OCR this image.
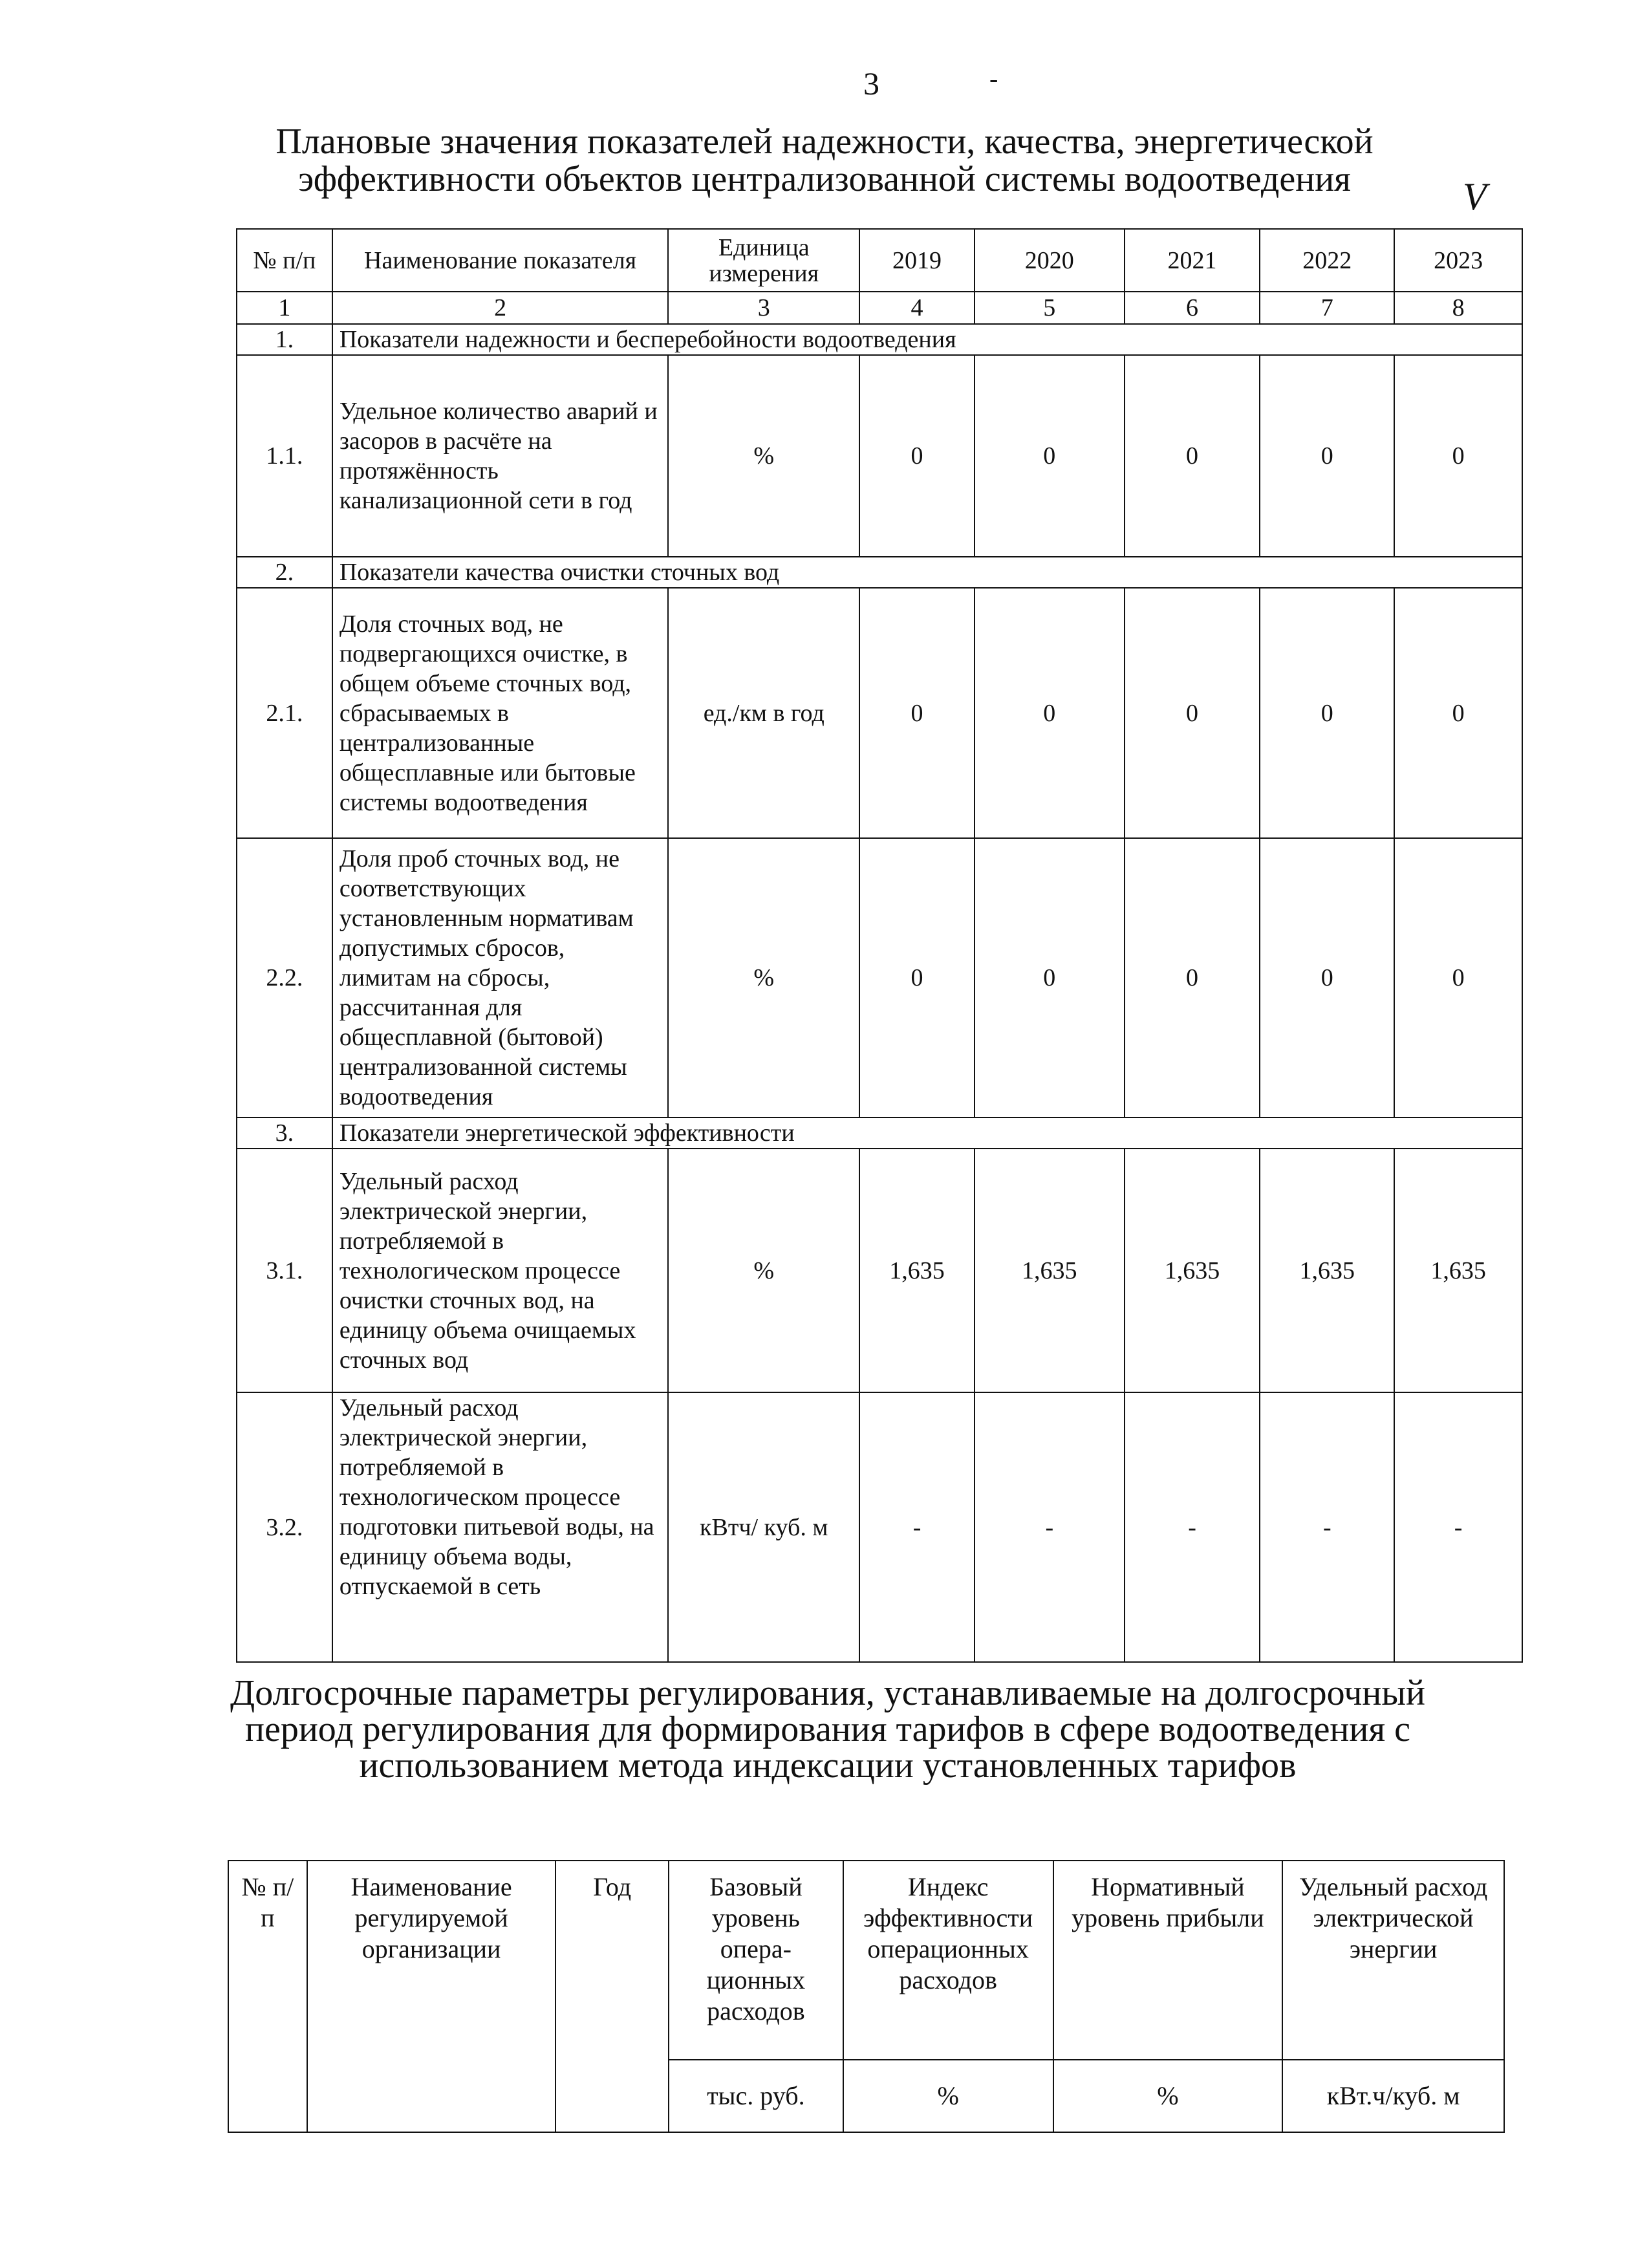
3	-
Плановые значения показателей надежности, качества, энергетической эффективности объектов централизованной системы водоотведения	V
№ п/п	Наименование показателя	Единица измерения	2019	2020	2021	2022	2023
1	2	3	4	5	6	7	8
1.	Показатели надежности и бесперебойности водоотведения						
1.1.	Удельное количество аварий и засоров в расчёте на протяжённость канализационной сети в год	%	0	0	0	0	0
2.	Показатели качества очистки сточных вод						
2.1.	Доля сточных вод, не подвергающихся очистке, в общем объеме сточных вод, сбрасываемых в централизованные общесплавные или бытовые системы водоотведения	ед./км в год	0	0	0	0	0
2.2.	Доля проб сточных вод, не соответствующих установленным нормативам допустимых сбросов, лимитам на сбросы, рассчитанная для общесплавной (бытовой) централизованной системы водоотведения	%	0	0	0	0	0
3.	Показатели энергетической эффективности						
3.1.	Удельный расход электрической энергии, потребляемой в технологическом процессе очистки сточных вод, на единицу объема очищаемых сточных вод	%	1,635	1,635	1,635	1,635	1,635
3.2.	Удельный расход электрической энергии, потребляемой в технологическом процессе подготовки питьевой воды, на единицу объема воды, отпускаемой в сеть	кВтч/ куб. м	-	-	-	-	-
Долгосрочные параметры регулирования, устанавливаемые на долгосрочный период регулирования для формирования тарифов в сфере водоотведения с использованием метода индексации установленных тарифов
№ п/п	Наименование регулируемой организации	Год	Базовый уровень опера-ционных расходов	Индекс эффективности операционных расходов	Нормативный уровень прибыли	Удельный расход электрической энергии
			тыс. руб.	%	%	кВт.ч/куб. м
